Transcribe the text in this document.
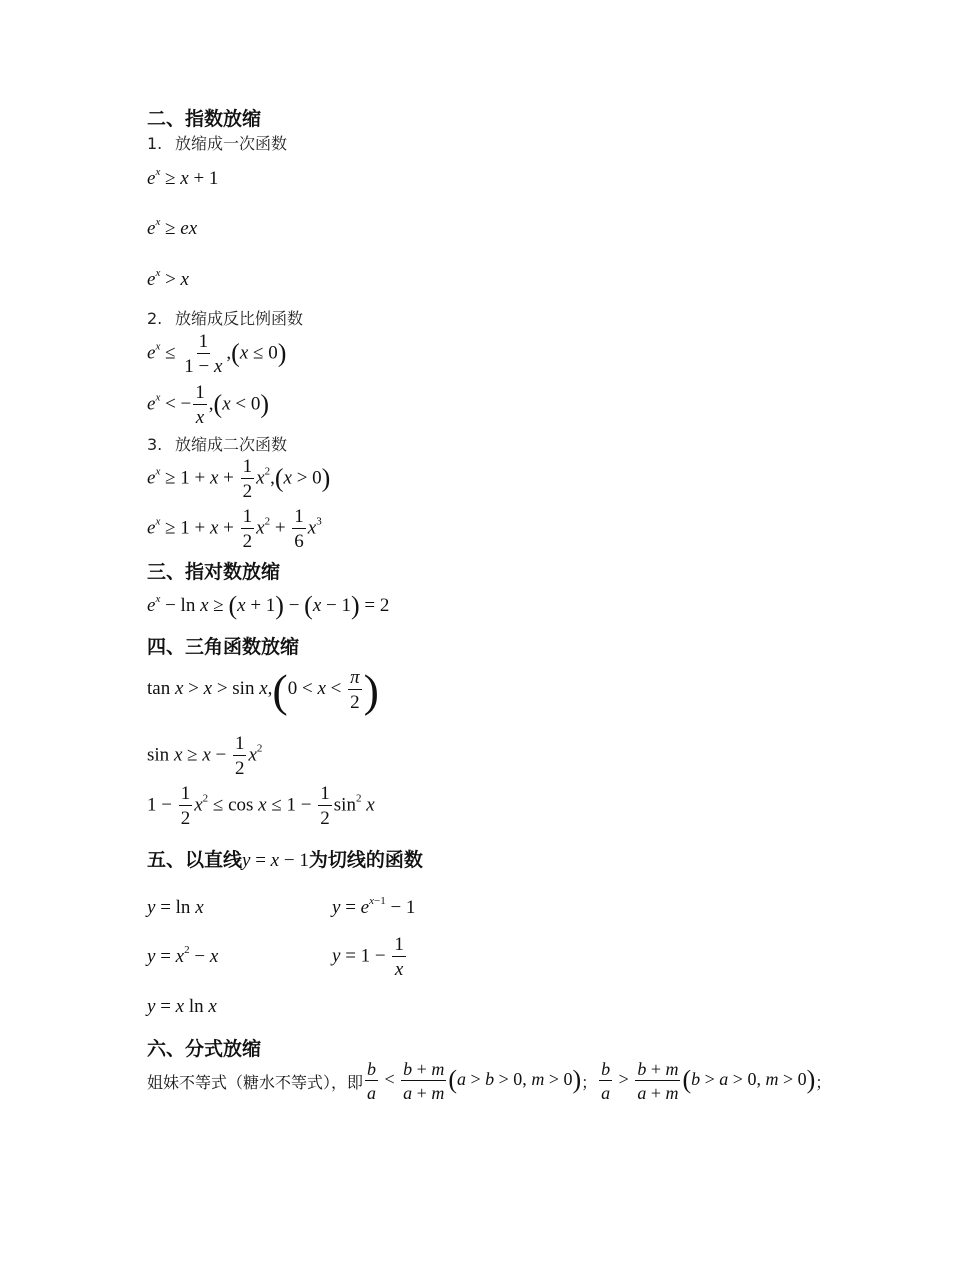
二、指数放缩
1. 放缩成一次函数
$e^x \ge x + 1$
$e^x$ ≥ ex
$e^x > x$
2. 放缩成反比例函数
$e^x \le \frac{1}{1 - x} ,(x \le 0)$
$e^x$ < − $\frac{1}{x} ,(x < 0)$
3. 放缩成二次函数
$e^x \ge 1 + x + \frac{1}{2} x^2,(x > 0)$
$e^x \ge 1 + x + \frac{1}{2} x^2 + \frac{1}{6} x^3$
三、指对数放缩
$e^x - \ln x \ge (x + 1) - (x - 1) = 2$
四、三角函数放缩
$\tan x > x > \sin x,(0 < x < \frac{\pi}{2}$ )
$\sin x \ge x - \frac{1}{2} x^2$
$1 - \frac{1}{2} x^2 \le \cos x \le 1 - \frac{1}{2} \sin^2 x$
五、以直线y = x − 1为切线的函数
y = ln x	$y = e^{x-1} - 1$
$y = x^2 - x$	$y = 1 - \frac{1}{x}$
y = x ln x
六、分式放缩
姐妹不等式（糖水不等式），即 $\frac{b}{a} < \frac{b + m}{a + m} (a > b > 0$, m > 0) ； $\frac{b}{a} > \frac{b + m}{a + m} (b > a > 0$, m > 0) ；
